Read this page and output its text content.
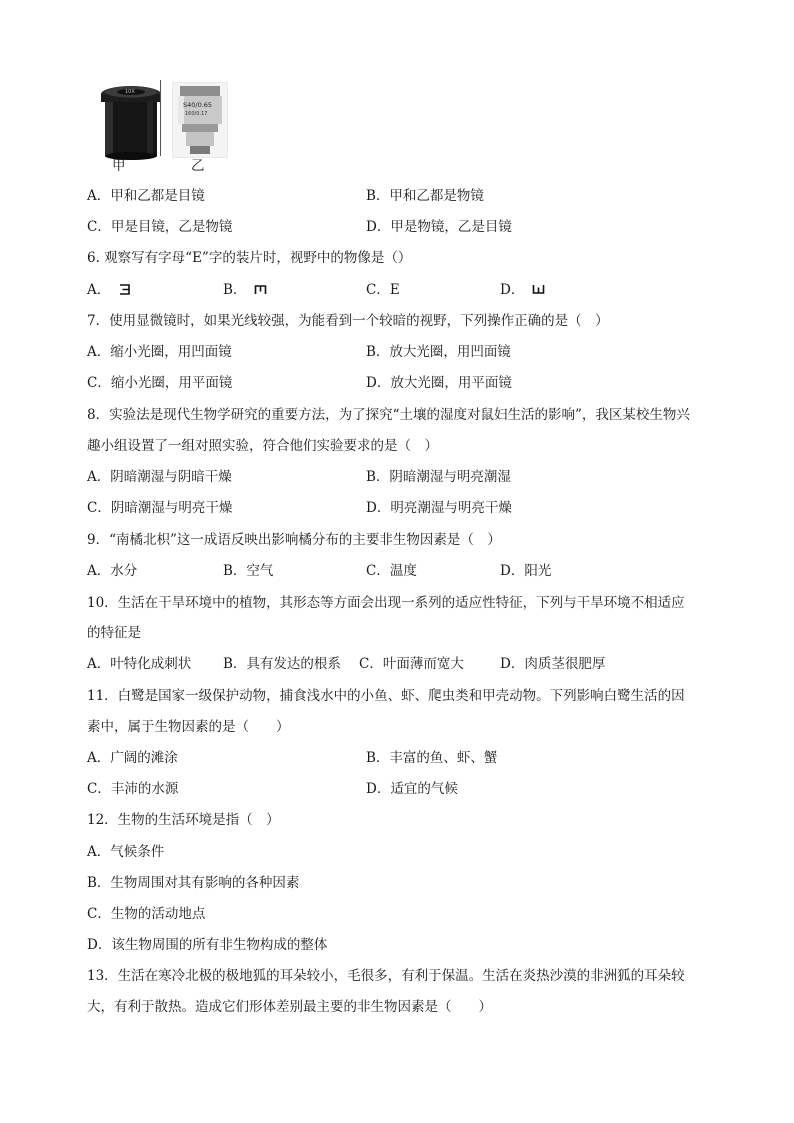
10X
S40/0.65
160/0.17
甲	乙
A．甲和乙都是目镜	B．甲和乙都是物镜
C．甲是目镜，乙是物镜	D．甲是物镜，乙是目镜
6. 观察写有字母“E”字的装片时，视野中的物像是（）
A．	B．	C．E	D．
7．使用显微镜时，如果光线较强，为能看到一个较暗的视野，下列操作正确的是（　）
A．缩小光圈，用凹面镜	B．放大光圈，用凹面镜
C．缩小光圈，用平面镜	D．放大光圈，用平面镜
8．实验法是现代生物学研究的重要方法，为了探究“土壤的湿度对鼠妇生活的影响”，我区某校生物兴
趣小组设置了一组对照实验，符合他们实验要求的是（　）
A．阴暗潮湿与阴暗干燥	B．阴暗潮湿与明亮潮湿
C．阴暗潮湿与明亮干燥	D．明亮潮湿与明亮干燥
9．“南橘北枳”这一成语反映出影响橘分布的主要非生物因素是（　）
A．水分	B．空气	C．温度	D．阳光
10．生活在干旱环境中的植物，其形态等方面会出现一系列的适应性特征，下列与干旱环境不相适应
的特征是
A．叶特化成刺状 B．具有发达的根系 C．叶面薄而宽大	D．肉质茎很肥厚
11．白鹭是国家一级保护动物，捕食浅水中的小鱼、虾、爬虫类和甲壳动物。下列影响白鹭生活的因
素中，属于生物因素的是（　　）
A．广阔的滩涂	B．丰富的鱼、虾、蟹
C．丰沛的水源	D．适宜的气候
12．生物的生活环境是指（　）
A．气候条件
B．生物周围对其有影响的各种因素
C．生物的活动地点
D．该生物周围的所有非生物构成的整体
13．生活在寒冷北极的极地狐的耳朵较小，毛很多，有利于保温。生活在炎热沙漠的非洲狐的耳朵较
大，有利于散热。造成它们形体差别最主要的非生物因素是（　　）
